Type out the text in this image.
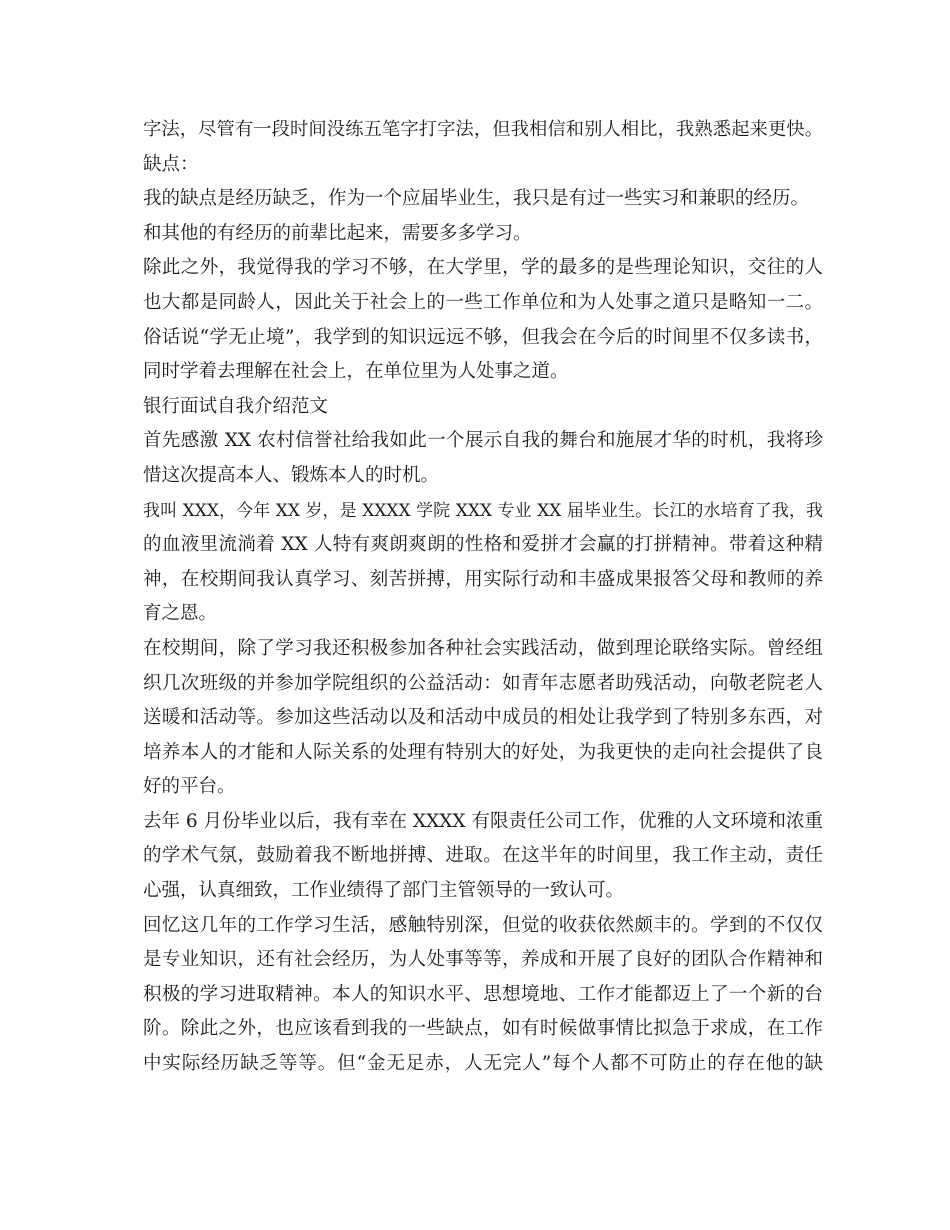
字法，尽管有一段时间没练五笔字打字法，但我相信和别人相比，我熟悉起来更快。
缺点：
我的缺点是经历缺乏，作为一个应届毕业生，我只是有过一些实习和兼职的经历。
和其他的有经历的前辈比起来，需要多多学习。
除此之外，我觉得我的学习不够，在大学里，学的最多的是些理论知识，交往的人
也大都是同龄人，因此关于社会上的一些工作单位和为人处事之道只是略知一二。
俗话说“学无止境”，我学到的知识远远不够，但我会在今后的时间里不仅多读书，
同时学着去理解在社会上，在单位里为人处事之道。
银行面试自我介绍范文
首先感激 XX 农村信誉社给我如此一个展示自我的舞台和施展才华的时机，我将珍
惜这次提高本人、锻炼本人的时机。
我叫 XXX，今年 XX 岁，是 XXXX 学院 XXX 专业 XX 届毕业生。长江的水培育了我，我
的血液里流淌着 XX 人特有爽朗爽朗的性格和爱拼才会赢的打拼精神。带着这种精
神，在校期间我认真学习、刻苦拼搏，用实际行动和丰盛成果报答父母和教师的养
育之恩。
在校期间，除了学习我还积极参加各种社会实践活动，做到理论联络实际。曾经组
织几次班级的并参加学院组织的公益活动：如青年志愿者助残活动，向敬老院老人
送暖和活动等。参加这些活动以及和活动中成员的相处让我学到了特别多东西，对
培养本人的才能和人际关系的处理有特别大的好处，为我更快的走向社会提供了良
好的平台。
去年 6 月份毕业以后，我有幸在 XXXX 有限责任公司工作，优雅的人文环境和浓重
的学术气氛，鼓励着我不断地拼搏、进取。在这半年的时间里，我工作主动，责任
心强，认真细致，工作业绩得了部门主管领导的一致认可。
回忆这几年的工作学习生活，感触特别深，但觉的收获依然颇丰的。学到的不仅仅
是专业知识，还有社会经历，为人处事等等，养成和开展了良好的团队合作精神和
积极的学习进取精神。本人的知识水平、思想境地、工作才能都迈上了一个新的台
阶。除此之外，也应该看到我的一些缺点，如有时候做事情比拟急于求成，在工作
中实际经历缺乏等等。但“金无足赤，人无完人”每个人都不可防止的存在他的缺
